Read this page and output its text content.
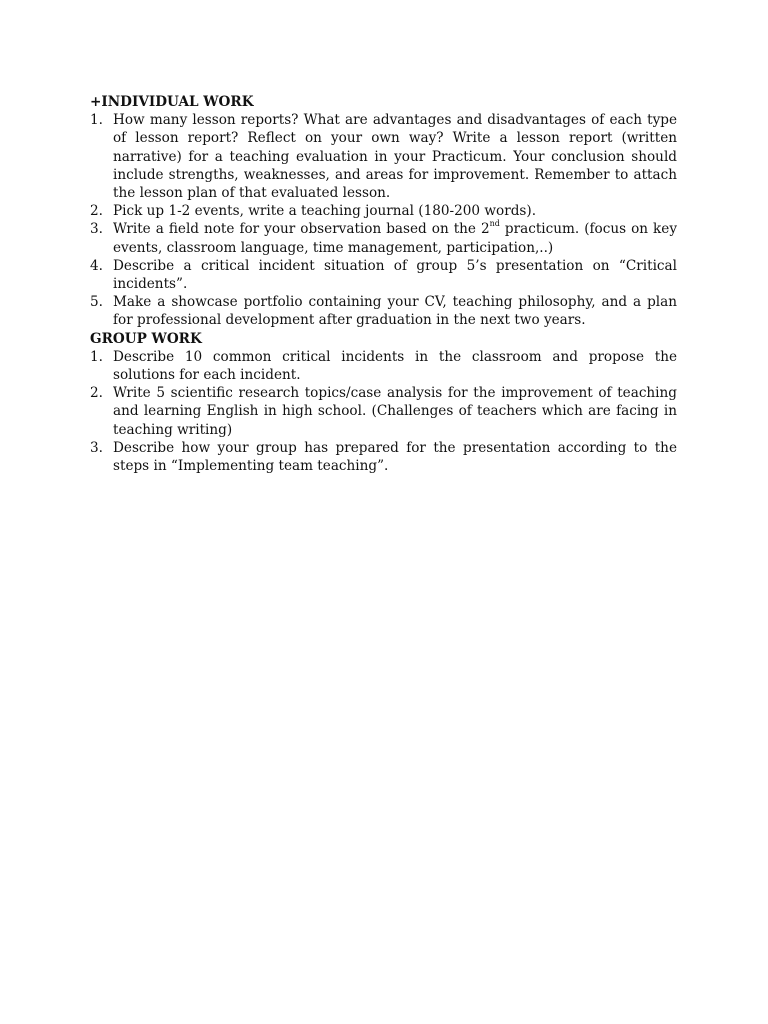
+INDIVIDUAL WORK
1. How many lesson reports? What are advantages and disadvantages of each type of lesson report? Reflect on your own way? Write a lesson report (written narrative) for a teaching evaluation in your Practicum. Your conclusion should include strengths, weaknesses, and areas for improvement. Remember to attach the lesson plan of that evaluated lesson.
2. Pick up 1-2 events, write a teaching journal (180-200 words).
3. Write a field note for your observation based on the 2nd practicum. (focus on key events, classroom language, time management, participation,..)
4. Describe a critical incident situation of group 5’s presentation on “Critical incidents”.
5. Make a showcase portfolio containing your CV, teaching philosophy, and a plan for professional development after graduation in the next two years.
GROUP WORK
1. Describe 10 common critical incidents in the classroom and propose the solutions for each incident.
2. Write 5 scientific research topics/case analysis for the improvement of teaching and learning English in high school. (Challenges of teachers which are facing in teaching writing)
3. Describe how your group has prepared for the presentation according to the steps in “Implementing team teaching”.
